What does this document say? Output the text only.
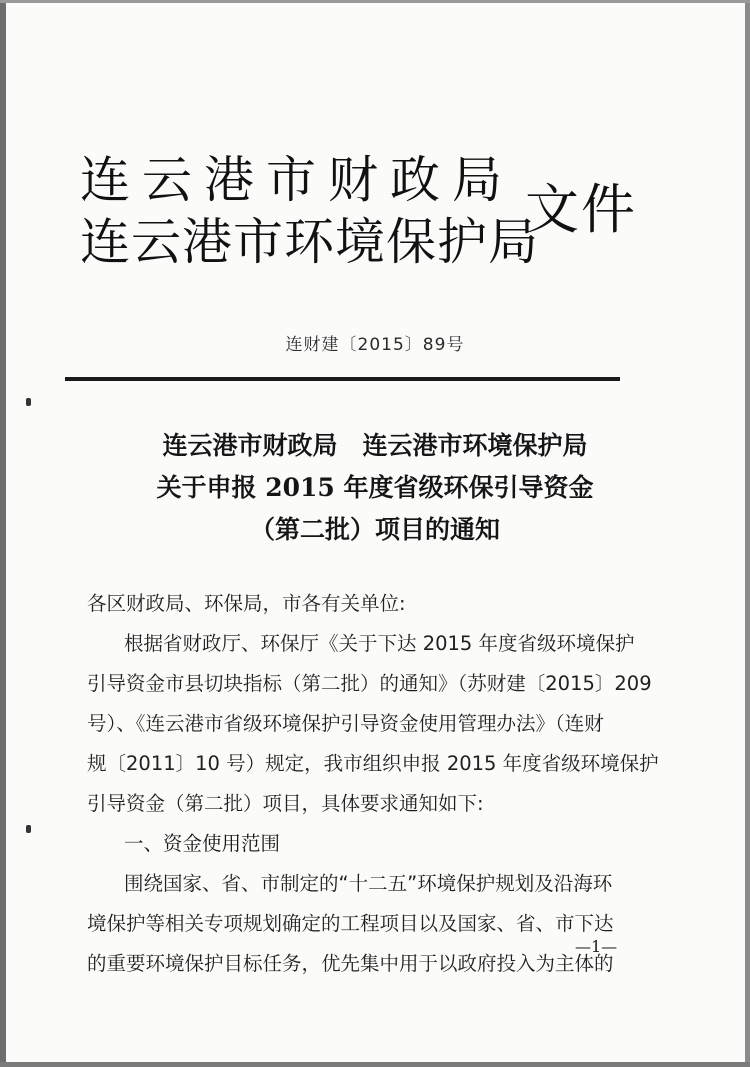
连云港市财政局
连云港市环境保护局
文件
连财建〔2015〕89号
连云港市财政局　连云港市环境保护局
关于申报 2015 年度省级环保引导资金
（第二批）项目的通知
各区财政局、环保局，市各有关单位:
根据省财政厅、环保厅《关于下达 2015 年度省级环境保护
引导资金市县切块指标（第二批）的通知》（苏财建〔2015〕209
号）、《连云港市省级环境保护引导资金使用管理办法》（连财
规〔2011〕10 号）规定，我市组织申报 2015 年度省级环境保护
引导资金（第二批）项目，具体要求通知如下:
一、资金使用范围
围绕国家、省、市制定的“十二五”环境保护规划及沿海环
境保护等相关专项规划确定的工程项目以及国家、省、市下达
的重要环境保护目标任务，优先集中用于以政府投入为主体的
—1—
